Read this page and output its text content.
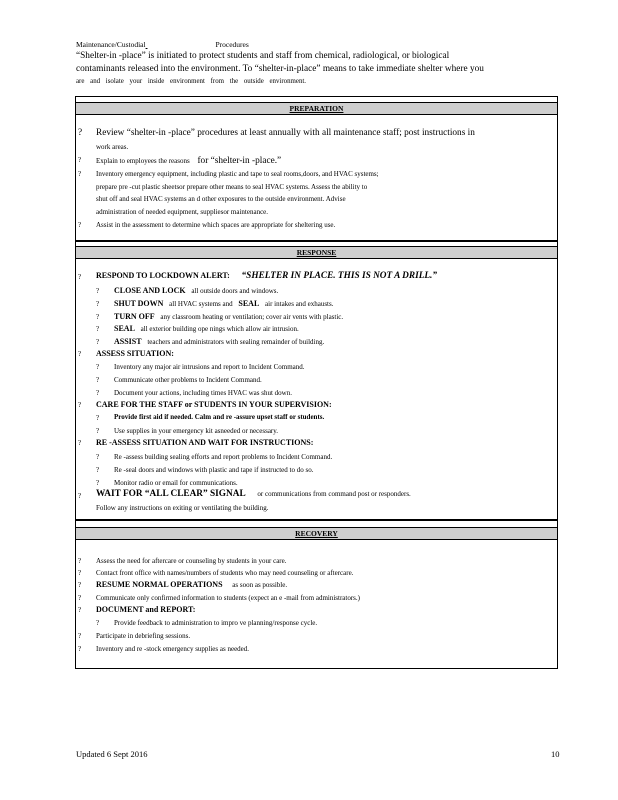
Maintenance/Custodial	Procedures
“Shelter-in -place” is initiated to protect students and staff from chemical, radiological, or biological
contaminants released into the environment. To “shelter-in-place” means to take immediate shelter where you
are and isolate your inside environment from the outside environment.
PREPARATION
? Review “shelter-in -place” procedures at least annually with all maintenance staff; post instructions in
work areas.
? Explain to employees the reasons for “shelter-in -place.”
? Inventory emergency equipment, including plastic and tape to seal rooms,doors, and HVAC systems;
prepare pre -cut plastic sheetsor prepare other means to seal HVAC systems. Assess the ability to
shut off and seal HVAC systems an d other exposures to the outside environment. Advise
administration of needed equipment, suppliesor maintenance.
? Assist in the assessment to determine which spaces are appropriate for sheltering use.
RESPONSE
? RESPOND TO LOCKDOWN ALERT: “SHELTER IN PLACE. THIS IS NOT A DRILL.”
? CLOSE AND LOCK all outside doors and windows.
? SHUT DOWN all HVAC systems and SEAL air intakes and exhausts.
? TURN OFF any classroom heating or ventilation; cover air vents with plastic.
? SEAL all exterior building ope nings which allow air intrusion.
? ASSIST teachers and administrators with sealing remainder of building.
? ASSESS SITUATION:
? Inventory any major air intrusions and report to Incident Command.
? Communicate other problems to Incident Command.
? Document your actions, including times HVAC was shut down.
? CARE FOR THE STAFF or STUDENTS IN YOUR SUPERVISION:
? Provide first aid if needed. Calm and re -assure upset staff or students.
? Use supplies in your emergency kit asneeded or necessary.
? RE -ASSESS SITUATION AND WAIT FOR INSTRUCTIONS:
? Re -assess building sealing efforts and report problems to Incident Command.
? Re -seal doors and windows with plastic and tape if instructed to do so.
? Monitor radio or email for communications.
? WAIT FOR “ALL CLEAR” SIGNAL or communications from command post or responders.
Follow any instructions on exiting or ventilating the building.
RECOVERY
? Assess the need for aftercare or counseling by students in your care.
? Contact front office with names/numbers of students who may need counseling or aftercare.
? RESUME NORMAL OPERATIONS as soon as possible.
? Communicate only confirmed information to students (expect an e -mail from administrators.)
? DOCUMENT and REPORT:
? Provide feedback to administration to impro ve planning/response cycle.
? Participate in debriefing sessions.
? Inventory and re -stock emergency supplies as needed.
Updated 6 Sept 2016	10
